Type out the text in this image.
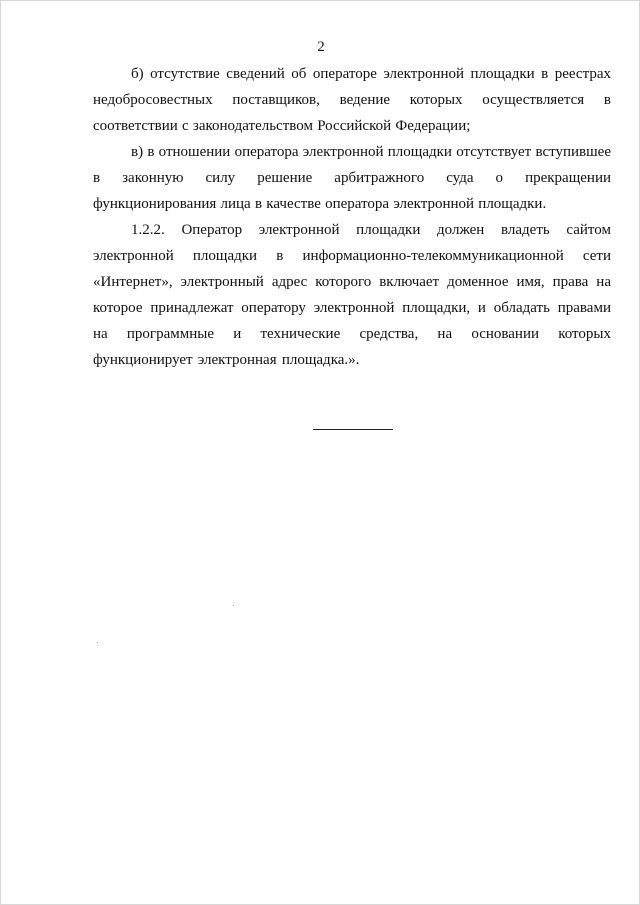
2

б) отсутствие сведений об операторе электронной площадки в реестрах недобросовестных поставщиков, ведение которых осуществляется в соответствии с законодательством Российской Федерации;

в) в отношении оператора электронной площадки отсутствует вступившее в законную силу решение арбитражного суда о прекращении функционирования лица в качестве оператора электронной площадки.

1.2.2. Оператор электронной площадки должен владеть сайтом электронной площадки в информационно-телекоммуникационной сети «Интернет», электронный адрес которого включает доменное имя, права на которое принадлежат оператору электронной площадки, и обладать правами на программные и технические средства, на основании которых функционирует электронная площадка.».
